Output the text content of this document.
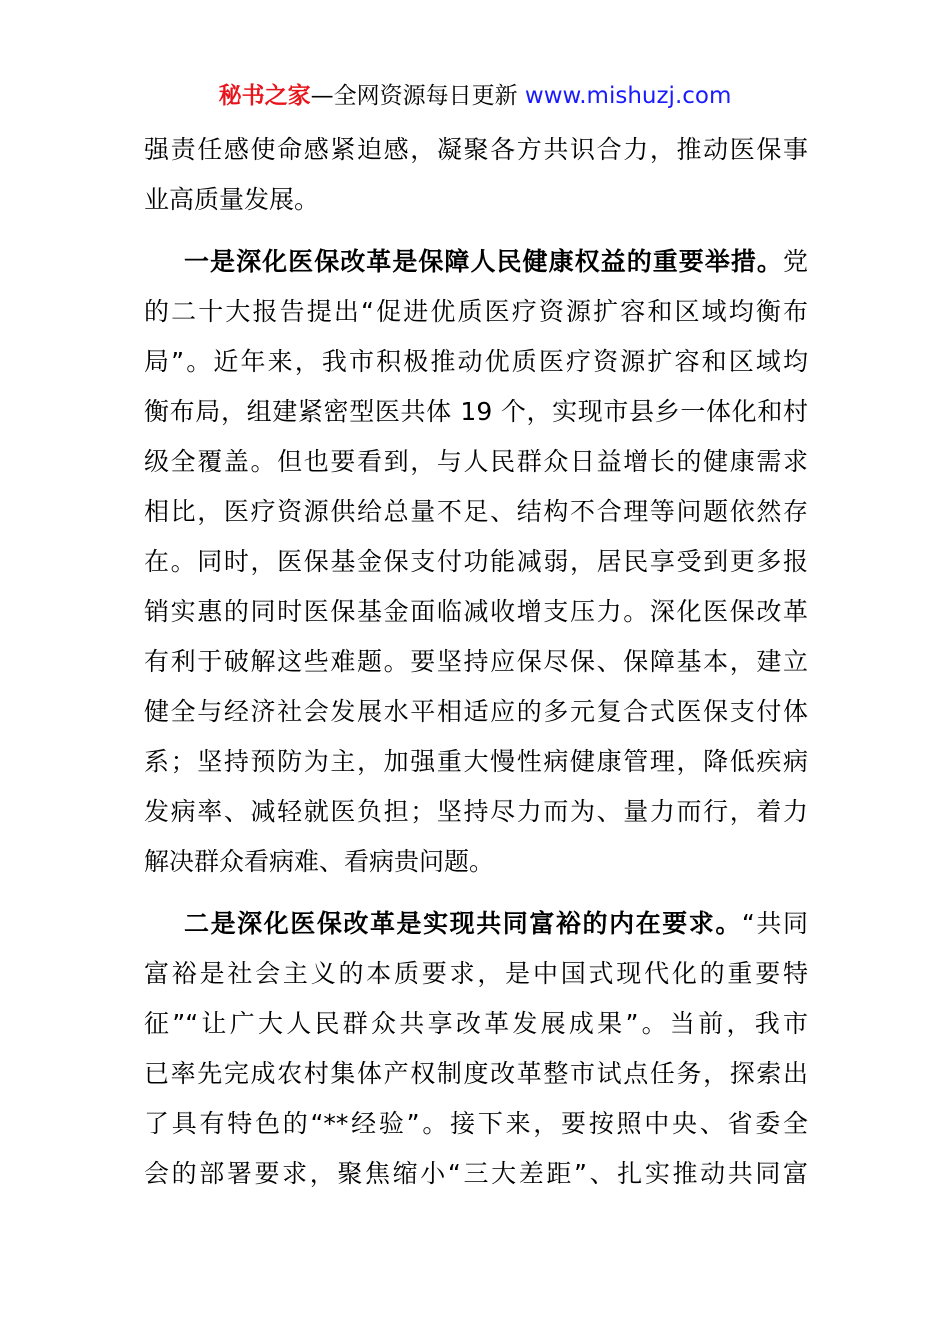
秘书之家—全网资源每日更新 www.mishuzj.com
强责任感使命感紧迫感，凝聚各方共识合力，推动医保事
业高质量发展。
一是深化医保改革是保障人民健康权益的重要举措。党
的二十大报告提出“促进优质医疗资源扩容和区域均衡布
局”。近年来，我市积极推动优质医疗资源扩容和区域均
衡布局，组建紧密型医共体 19 个，实现市县乡一体化和村
级全覆盖。但也要看到，与人民群众日益增长的健康需求
相比，医疗资源供给总量不足、结构不合理等问题依然存
在。同时，医保基金保支付功能减弱，居民享受到更多报
销实惠的同时医保基金面临减收增支压力。深化医保改革
有利于破解这些难题。要坚持应保尽保、保障基本，建立
健全与经济社会发展水平相适应的多元复合式医保支付体
系；坚持预防为主，加强重大慢性病健康管理，降低疾病
发病率、减轻就医负担；坚持尽力而为、量力而行，着力
解决群众看病难、看病贵问题。
二是深化医保改革是实现共同富裕的内在要求。“共同
富裕是社会主义的本质要求，是中国式现代化的重要特
征”“让广大人民群众共享改革发展成果”。当前，我市
已率先完成农村集体产权制度改革整市试点任务，探索出
了具有特色的“**经验”。接下来，要按照中央、省委全
会的部署要求，聚焦缩小“三大差距”、扎实推动共同富
